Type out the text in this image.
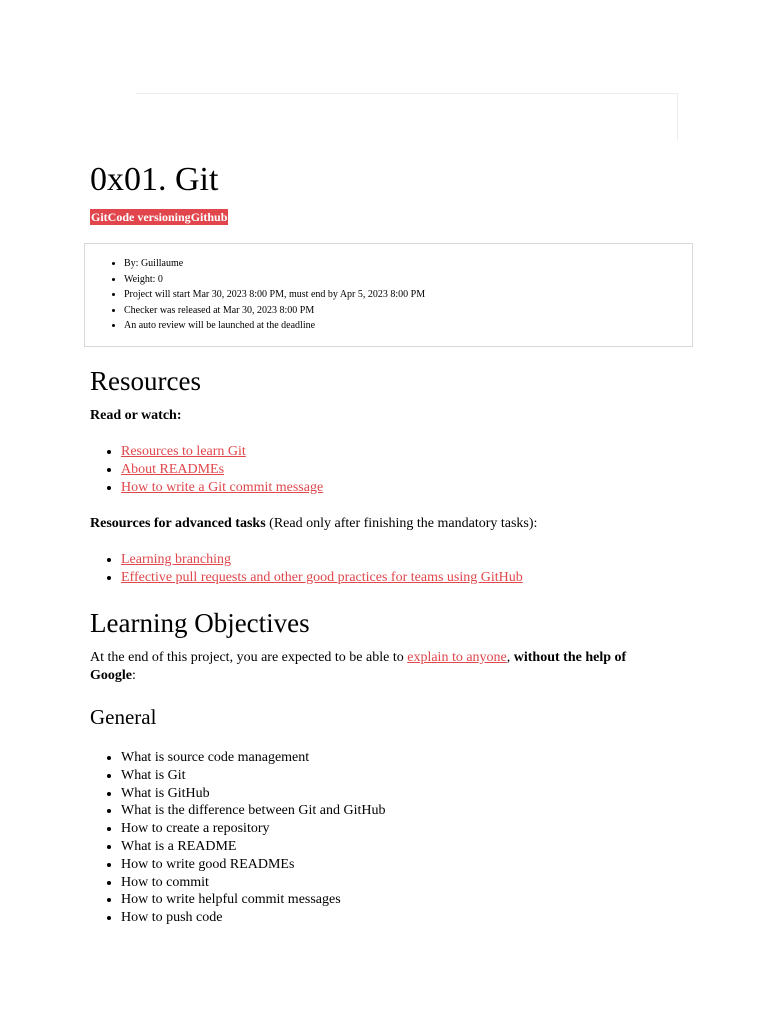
0x01. Git
GitCode versioningGithub
• By: Guillaume
• Weight: 0
• Project will start Mar 30, 2023 8:00 PM, must end by Apr 5, 2023 8:00 PM
• Checker was released at Mar 30, 2023 8:00 PM
• An auto review will be launched at the deadline
Resources

Read or watch:

• Resources to learn Git
• About READMEs
• How to write a Git commit message

Resources for advanced tasks (Read only after finishing the mandatory tasks):

• Learning branching
• Effective pull requests and other good practices for teams using GitHub
Learning Objectives

At the end of this project, you are expected to be able to explain to anyone, without the help of Google:

General
• What is source code management
• What is Git
• What is GitHub
• What is the difference between Git and GitHub
• How to create a repository
• What is a README
• How to write good READMEs
• How to commit
• How to write helpful commit messages
• How to push code
